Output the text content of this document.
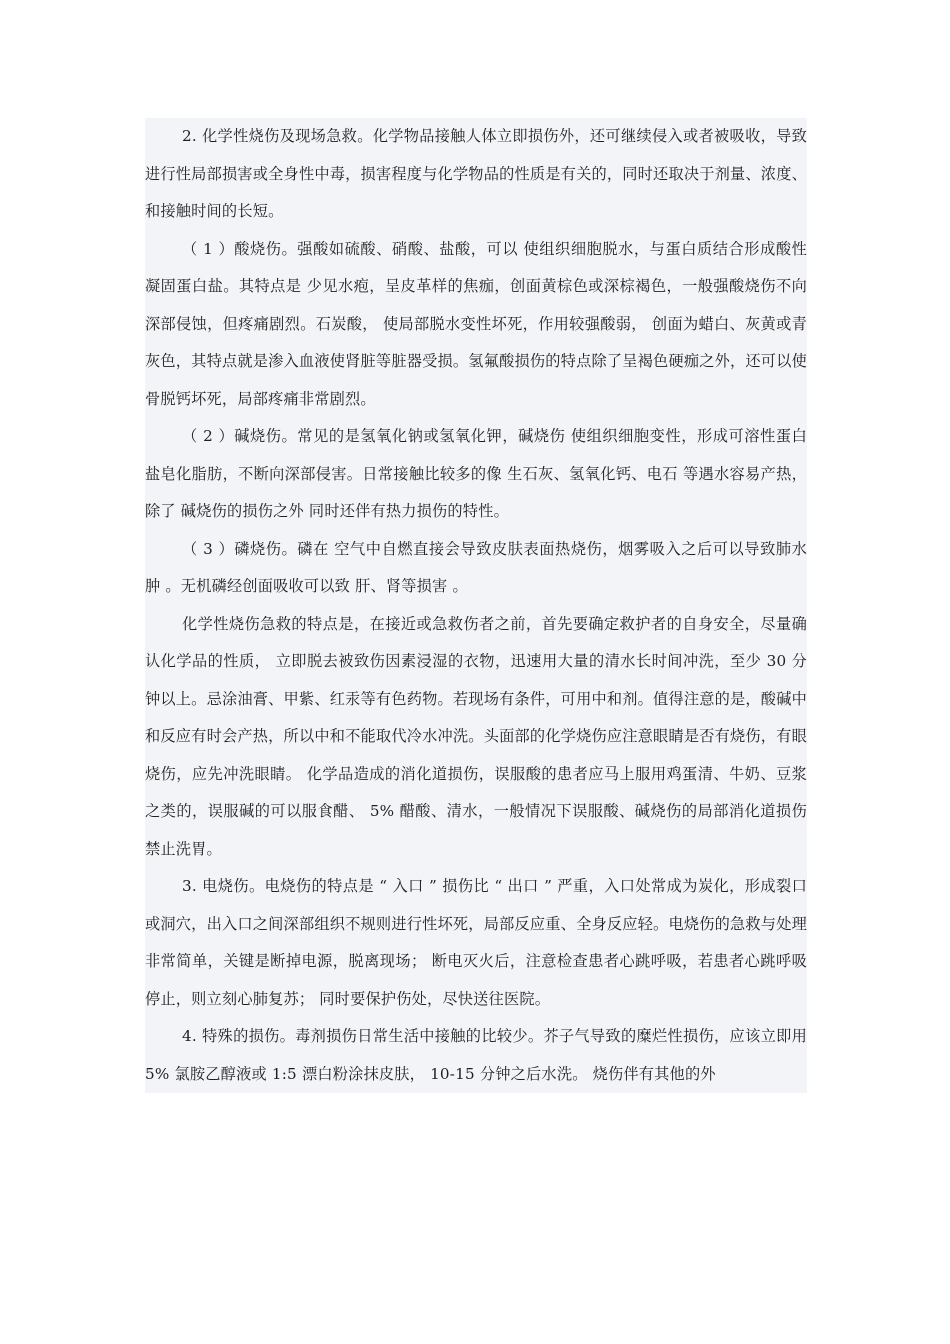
2. 化学性烧伤及现场急救。化学物品接触人体立即损伤外，还可继续侵入或者被吸收，导致进行性局部损害或全身性中毒，损害程度与化学物品的性质是有关的，同时还取决于剂量、浓度、和接触时间的长短。

（ 1 ）酸烧伤。强酸如硫酸、硝酸、盐酸，可以 使组织细胞脱水，与蛋白质结合形成酸性凝固蛋白盐。其特点是 少见水疱，呈皮革样的焦痂，创面黄棕色或深棕褐色，一般强酸烧伤不向深部侵蚀，但疼痛剧烈。石炭酸， 使局部脱水变性坏死，作用较强酸弱， 创面为蜡白、灰黄或青灰色，其特点就是渗入血液使肾脏等脏器受损。氢氟酸损伤的特点除了呈褐色硬痂之外，还可以使骨脱钙坏死，局部疼痛非常剧烈。

（ 2 ）碱烧伤。常见的是氢氧化钠或氢氧化钾，碱烧伤 使组织细胞变性，形成可溶性蛋白盐皂化脂肪，不断向深部侵害。日常接触比较多的像 生石灰、氢氧化钙、电石 等遇水容易产热，除了 碱烧伤的损伤之外 同时还伴有热力损伤的特性。

（ 3 ）磷烧伤。磷在 空气中自燃直接会导致皮肤表面热烧伤，烟雾吸入之后可以导致肺水肿 。无机磷经创面吸收可以致 肝、肾等损害 。

化学性烧伤急救的特点是，在接近或急救伤者之前，首先要确定救护者的自身安全，尽量确认化学品的性质， 立即脱去被致伤因素浸湿的衣物，迅速用大量的清水长时间冲洗，至少 30 分钟以上。忌涂油膏、甲紫、红汞等有色药物。若现场有条件，可用中和剂。值得注意的是，酸碱中和反应有时会产热，所以中和不能取代冷水冲洗。头面部的化学烧伤应注意眼睛是否有烧伤，有眼烧伤，应先冲洗眼睛。 化学品造成的消化道损伤，误服酸的患者应马上服用鸡蛋清、牛奶、豆浆之类的，误服碱的可以服食醋、 5% 醋酸、清水，一般情况下误服酸、碱烧伤的局部消化道损伤禁止洗胃。

3. 电烧伤。电烧伤的特点是 “ 入口 ” 损伤比 “ 出口 ” 严重，入口处常成为炭化，形成裂口或洞穴，出入口之间深部组织不规则进行性坏死，局部反应重、全身反应轻。电烧伤的急救与处理非常简单，关键是断掉电源，脱离现场； 断电灭火后，注意检查患者心跳呼吸，若患者心跳呼吸停止，则立刻心肺复苏； 同时要保护伤处，尽快送往医院。

4. 特殊的损伤。毒剂损伤日常生活中接触的比较少。芥子气导致的糜烂性损伤，应该立即用 5% 氯胺乙醇液或 1:5 漂白粉涂抹皮肤， 10-15 分钟之后水洗。 烧伤伴有其他的外
